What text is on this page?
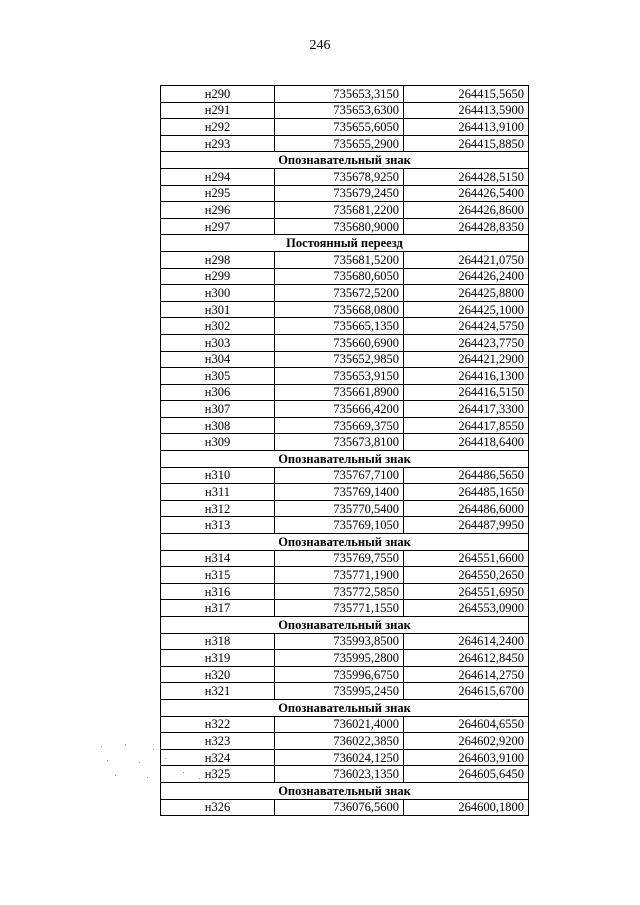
246
н290	735653,3150	264415,5650
н291	735653,6300	264413,5900
н292	735655,6050	264413,9100
н293	735655,2900	264415,8850
Опознавательный знак		
н294	735678,9250	264428,5150
н295	735679,2450	264426,5400
н296	735681,2200	264426,8600
н297	735680,9000	264428,8350
Постоянный переезд		
н298	735681,5200	264421,0750
н299	735680,6050	264426,2400
н300	735672,5200	264425,8800
н301	735668,0800	264425,1000
н302	735665,1350	264424,5750
н303	735660,6900	264423,7750
н304	735652,9850	264421,2900
н305	735653,9150	264416,1300
н306	735661,8900	264416,5150
н307	735666,4200	264417,3300
н308	735669,3750	264417,8550
н309	735673,8100	264418,6400
Опознавательный знак		
н310	735767,7100	264486,5650
н311	735769,1400	264485,1650
н312	735770,5400	264486,6000
н313	735769,1050	264487,9950
Опознавательный знак		
н314	735769,7550	264551,6600
н315	735771,1900	264550,2650
н316	735772,5850	264551,6950
н317	735771,1550	264553,0900
Опознавательный знак		
н318	735993,8500	264614,2400
н319	735995,2800	264612,8450
н320	735996,6750	264614,2750
н321	735995,2450	264615,6700
Опознавательный знак		
н322	736021,4000	264604,6550
н323	736022,3850	264602,9200
н324	736024,1250	264603,9100
н325	736023,1350	264605,6450
Опознавательный знак		
н326	736076,5600	264600,1800
